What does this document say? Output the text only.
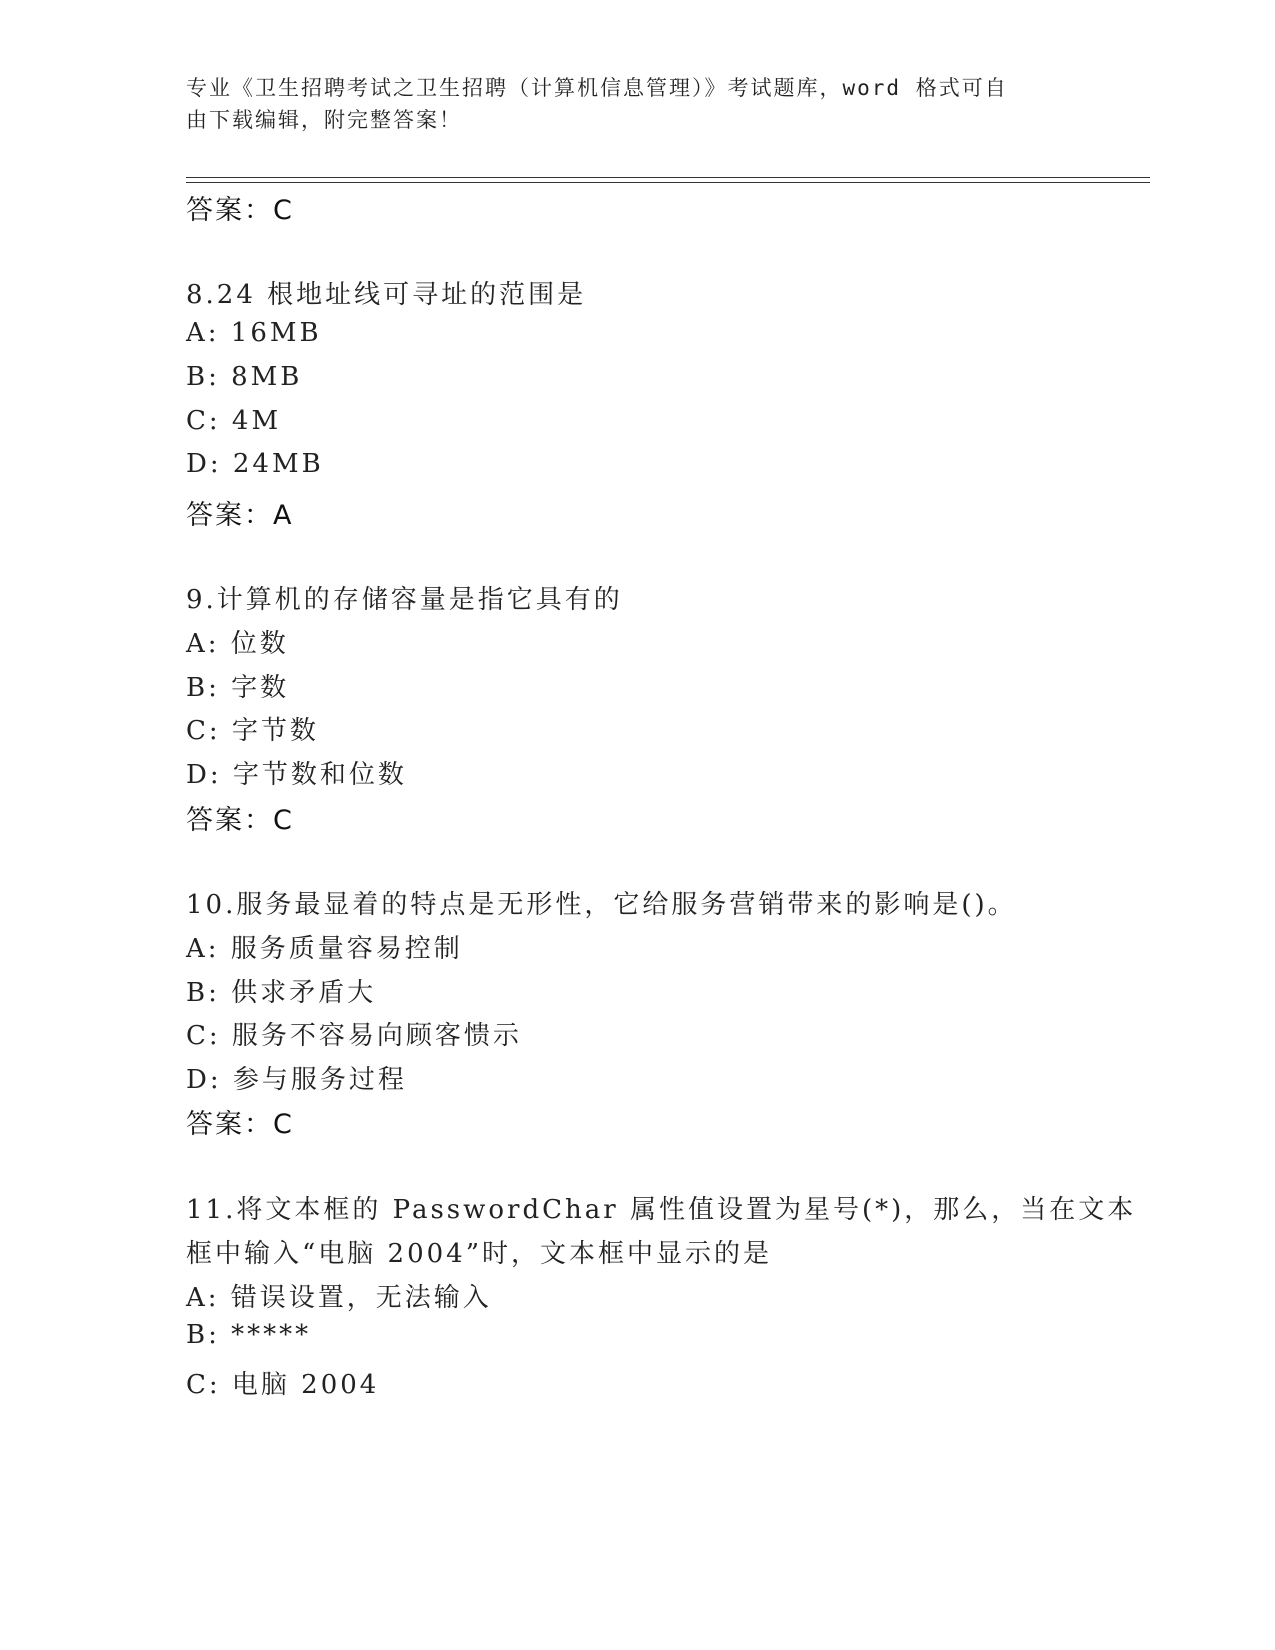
专业《卫生招聘考试之卫生招聘（计算机信息管理）》考试题库，word 格式可自
由下载编辑，附完整答案！
答案：C
8.24 根地址线可寻址的范围是
A: 16MB
B: 8MB
C: 4M
D: 24MB
答案：A
9.计算机的存储容量是指它具有的
A: 位数
B: 字数
C: 字节数
D: 字节数和位数
答案：C
10.服务最显着的特点是无形性，它给服务营销带来的影响是()。
A: 服务质量容易控制
B: 供求矛盾大
C: 服务不容易向顾客愦示
D: 参与服务过程
答案：C
11.将文本框的 PasswordChar 属性值设置为星号(*)，那么，当在文本
框中输入“电脑 2004”时，文本框中显示的是
A: 错误设置，无法输入
B: *****
C: 电脑 2004
